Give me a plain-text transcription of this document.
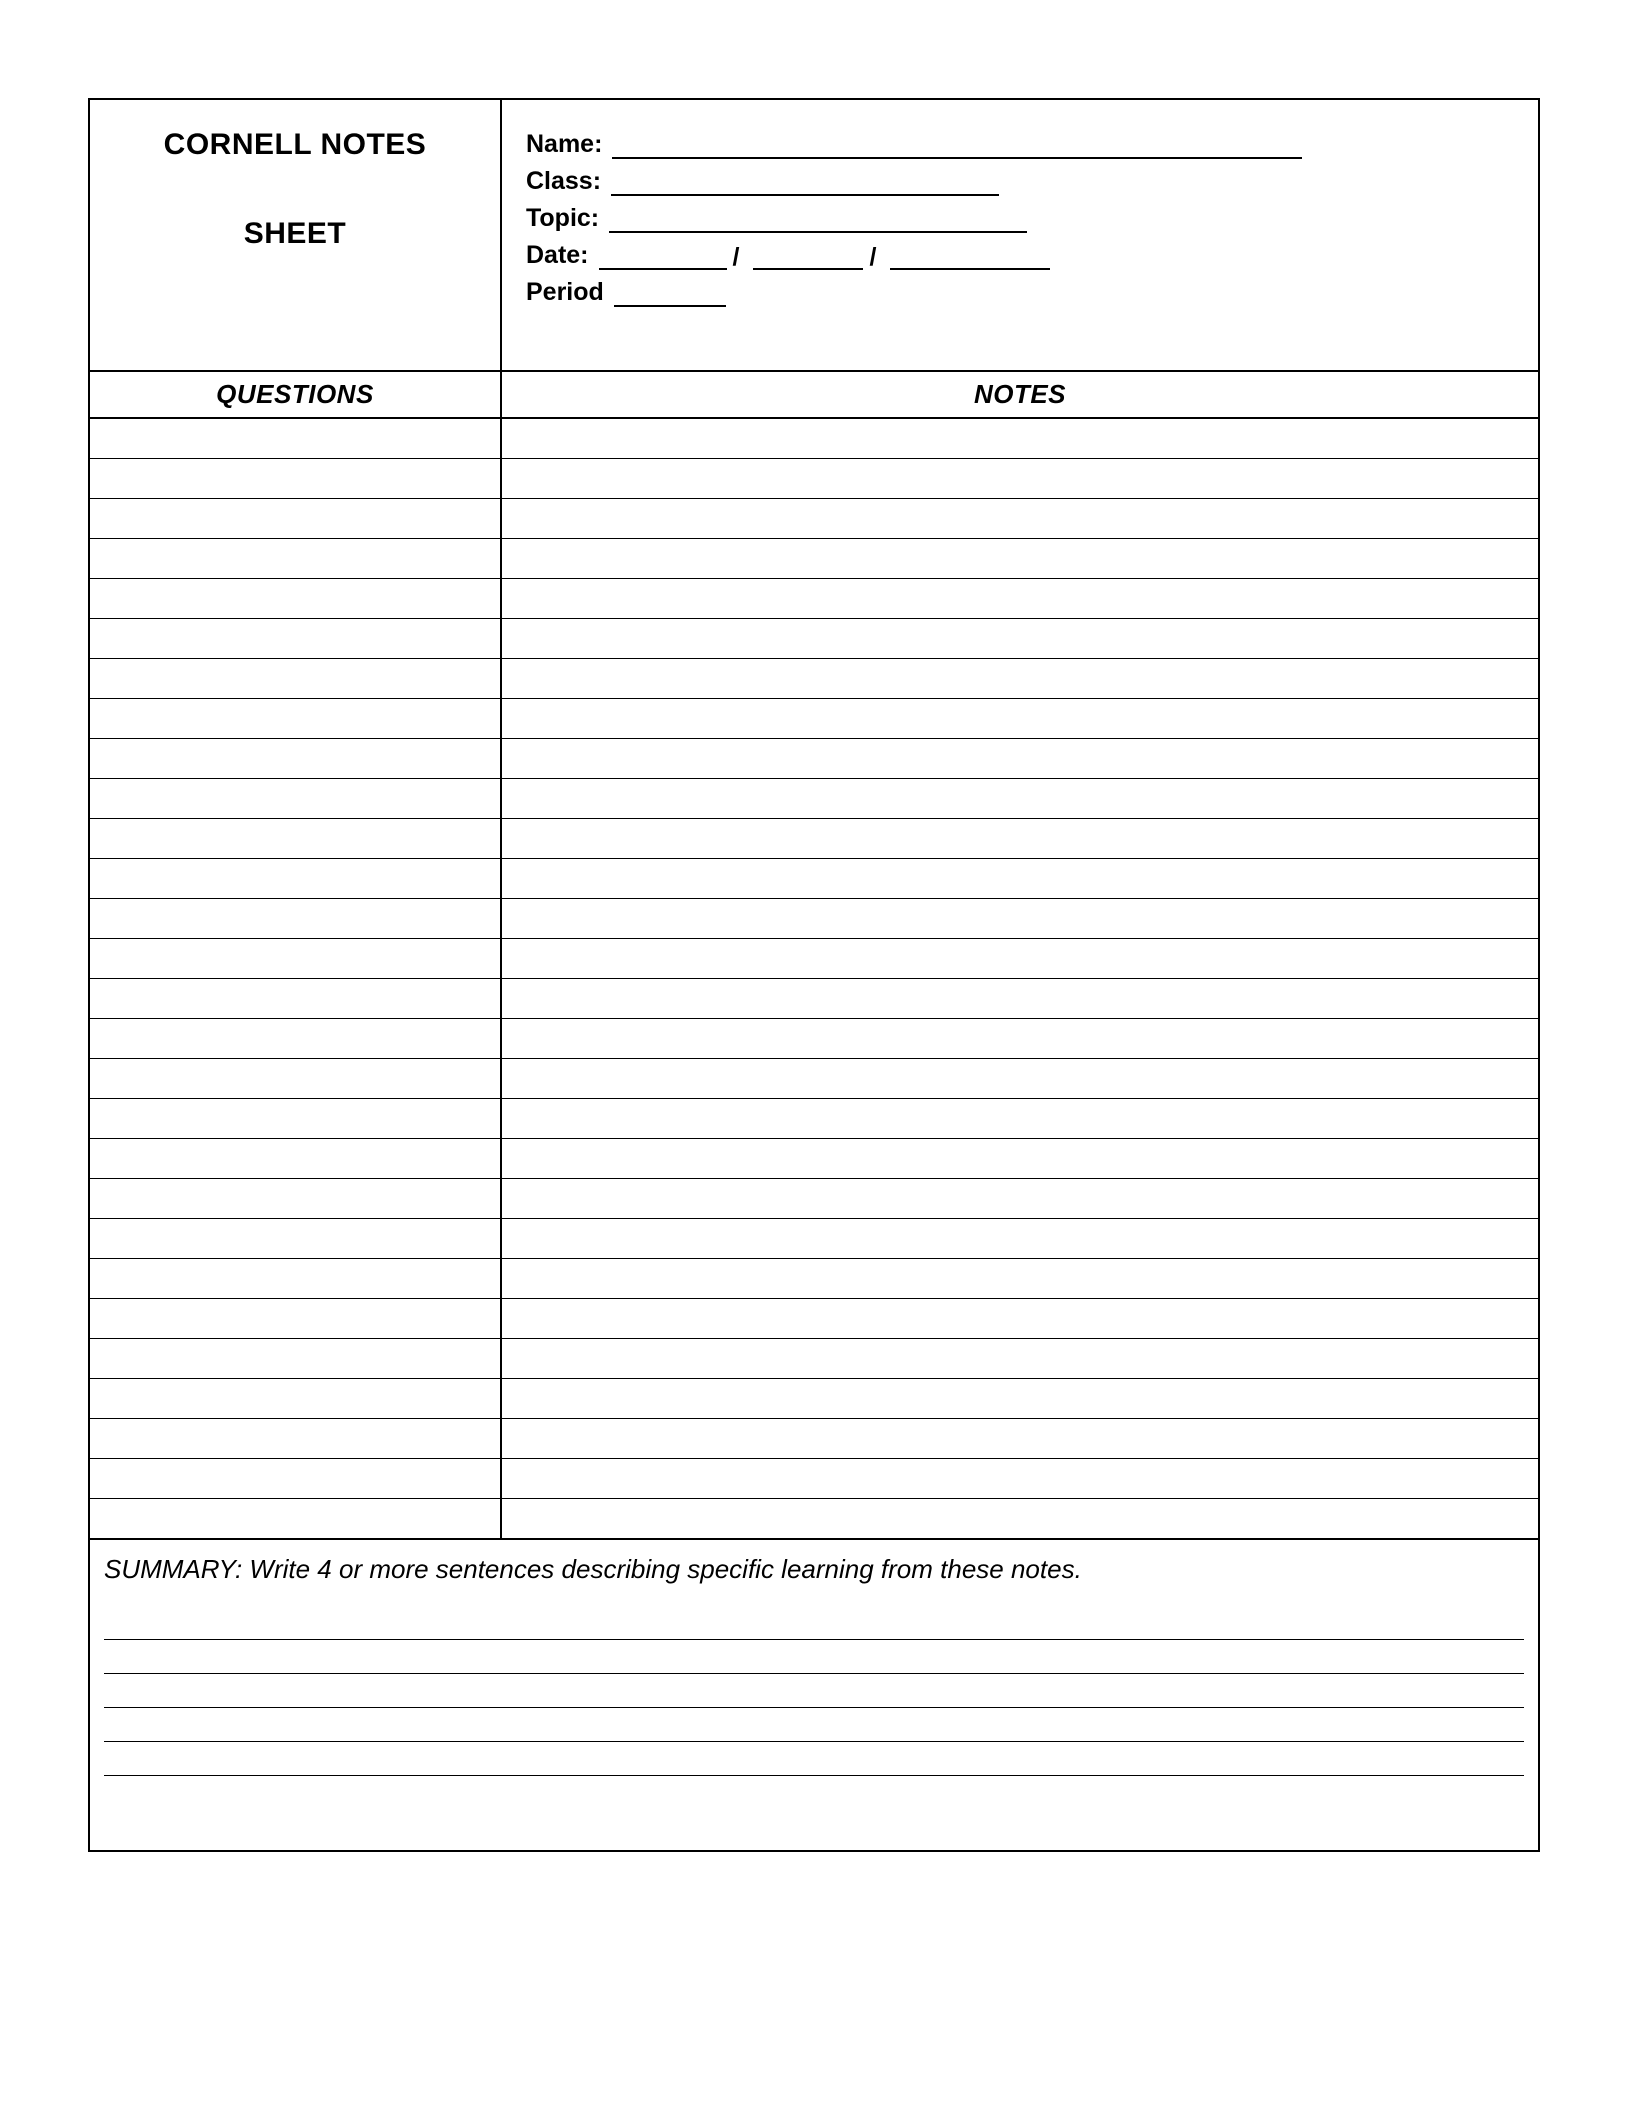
CORNELL NOTES
SHEET
Name:
Class:
Topic:
Date:	/	/
Period
QUESTIONS	NOTES
SUMMARY: Write 4 or more sentences describing specific learning from these notes.
